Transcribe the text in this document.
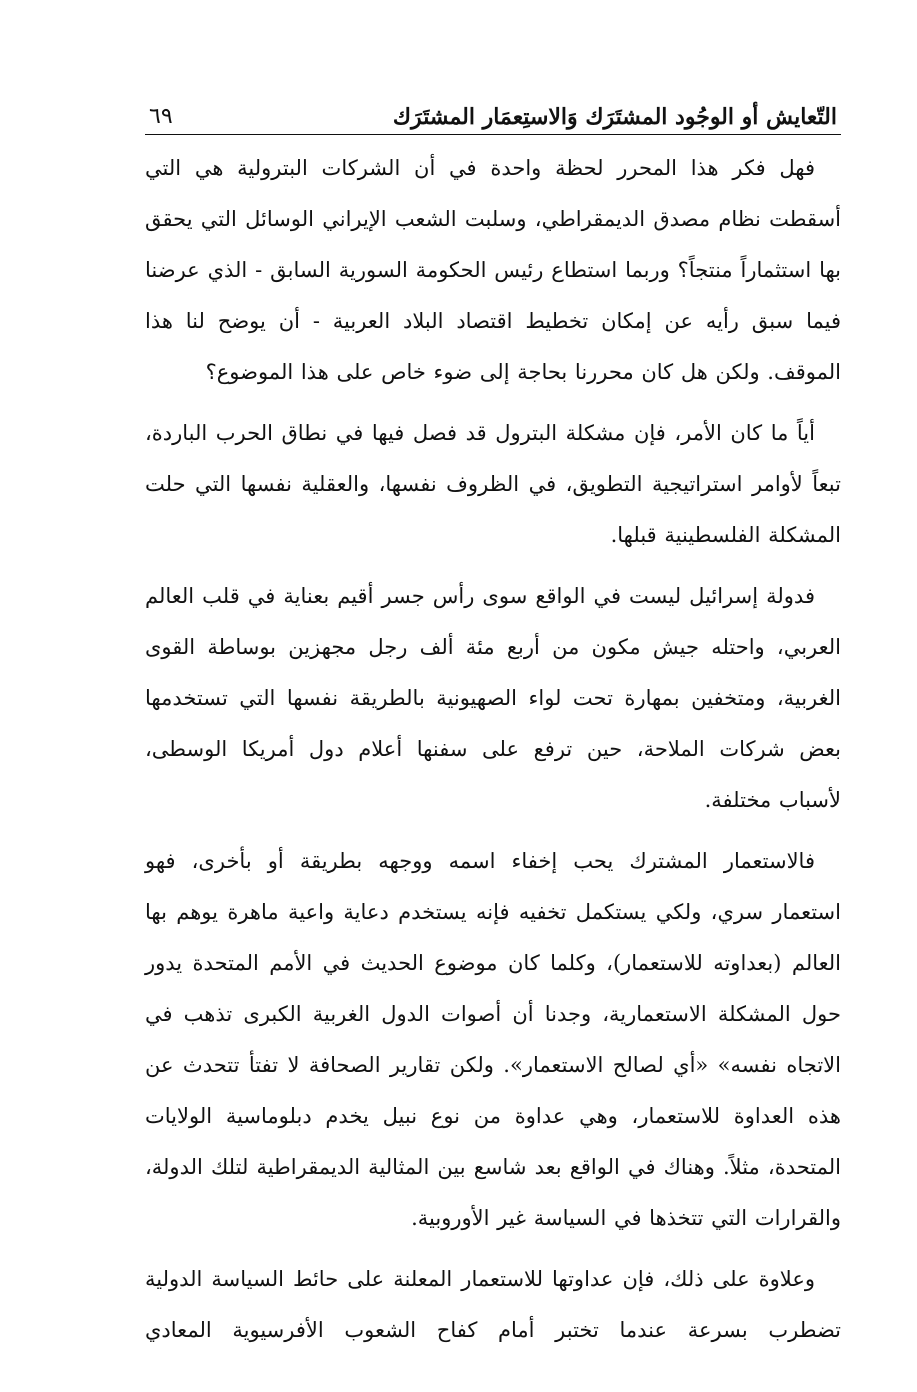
التّعايش أو الوجُود المشتَرَك وَالاستِعمَار المشتَرَك
٦٩

فهل فكر هذا المحرر لحظة واحدة في أن الشركات البترولية هي التي أسقطت نظام مصدق الديمقراطي، وسلبت الشعب الإيراني الوسائل التي يحقق بها استثماراً منتجاً؟ وربما استطاع رئيس الحكومة السورية السابق - الذي عرضنا فيما سبق رأيه عن إمكان تخطيط اقتصاد البلاد العربية - أن يوضح لنا هذا الموقف. ولكن هل كان محررنا بحاجة إلى ضوء خاص على هذا الموضوع؟

أياً ما كان الأمر، فإن مشكلة البترول قد فصل فيها في نطاق الحرب الباردة، تبعاً لأوامر استراتيجية التطويق، في الظروف نفسها، والعقلية نفسها التي حلت المشكلة الفلسطينية قبلها.

فدولة إسرائيل ليست في الواقع سوى رأس جسر أقيم بعناية في قلب العالم العربي، واحتله جيش مكون من أربع مئة ألف رجل مجهزين بوساطة القوى الغربية، ومتخفين بمهارة تحت لواء الصهيونية بالطريقة نفسها التي تستخدمها بعض شركات الملاحة، حين ترفع على سفنها أعلام دول أمريكا الوسطى، لأسباب مختلفة.

فالاستعمار المشترك يحب إخفاء اسمه ووجهه بطريقة أو بأخرى، فهو استعمار سري، ولكي يستكمل تخفيه فإنه يستخدم دعاية واعية ماهرة يوهم بها العالم (بعداوته للاستعمار)، وكلما كان موضوع الحديث في الأمم المتحدة يدور حول المشكلة الاستعمارية، وجدنا أن أصوات الدول الغربية الكبرى تذهب في الاتجاه نفسه» «أي لصالح الاستعمار». ولكن تقارير الصحافة لا تفتأ تتحدث عن هذه العداوة للاستعمار، وهي عداوة من نوع نبيل يخدم دبلوماسية الولايات المتحدة، مثلاً. وهناك في الواقع بعد شاسع بين المثالية الديمقراطية لتلك الدولة، والقرارات التي تتخذها في السياسة غير الأوروبية.

وعلاوة على ذلك، فإن عداوتها للاستعمار المعلنة على حائط السياسة الدولية تضطرب بسرعة عندما تختبر أمام كفاح الشعوب الأفرسيوية المعادي
